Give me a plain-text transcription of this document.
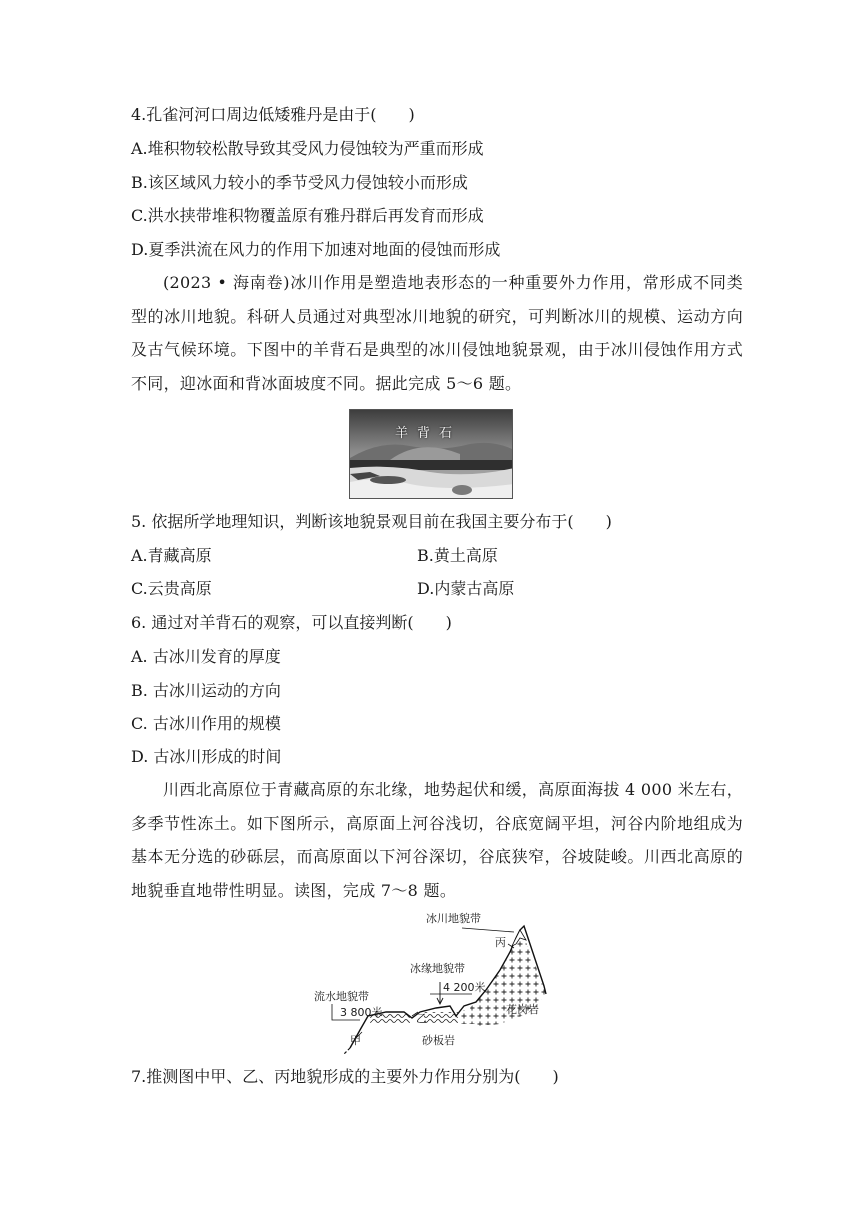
4.孔雀河河口周边低矮雅丹是由于(　　)
A.堆积物较松散导致其受风力侵蚀较为严重而形成
B.该区域风力较小的季节受风力侵蚀较小而形成
C.洪水挟带堆积物覆盖原有雅丹群后再发育而形成
D.夏季洪流在风力的作用下加速对地面的侵蚀而形成
(2023 • 海南卷)冰川作用是塑造地表形态的一种重要外力作用，常形成不同类型的冰川地貌。科研人员通过对典型冰川地貌的研究，可判断冰川的规模、运动方向及古气候环境。下图中的羊背石是典型的冰川侵蚀地貌景观，由于冰川侵蚀作用方式不同，迎冰面和背冰面坡度不同。据此完成 5～6 题。
羊背石
5. 依据所学地理知识，判断该地貌景观目前在我国主要分布于(　　)
A.青藏高原	B.黄土高原
C.云贵高原	D.内蒙古高原
6. 通过对羊背石的观察，可以直接判断(　　)
A. 古冰川发育的厚度
B. 古冰川运动的方向
C. 古冰川作用的规模
D. 古冰川形成的时间
川西北高原位于青藏高原的东北缘，地势起伏和缓，高原面海拔 4 000 米左右，多季节性冻土。如下图所示，高原面上河谷浅切，谷底宽阔平坦，河谷内阶地组成为基本无分选的砂砾层，而高原面以下河谷深切，谷底狭窄，谷坡陡峻。川西北高原的地貌垂直地带性明显。读图，完成 7～8 题。
冰川地貌带
丙
冰缘地貌带
4 200米
流水地貌带
3 800米	乙
甲
花岗岩
砂板岩
7.推测图中甲、乙、丙地貌形成的主要外力作用分别为(　　)
